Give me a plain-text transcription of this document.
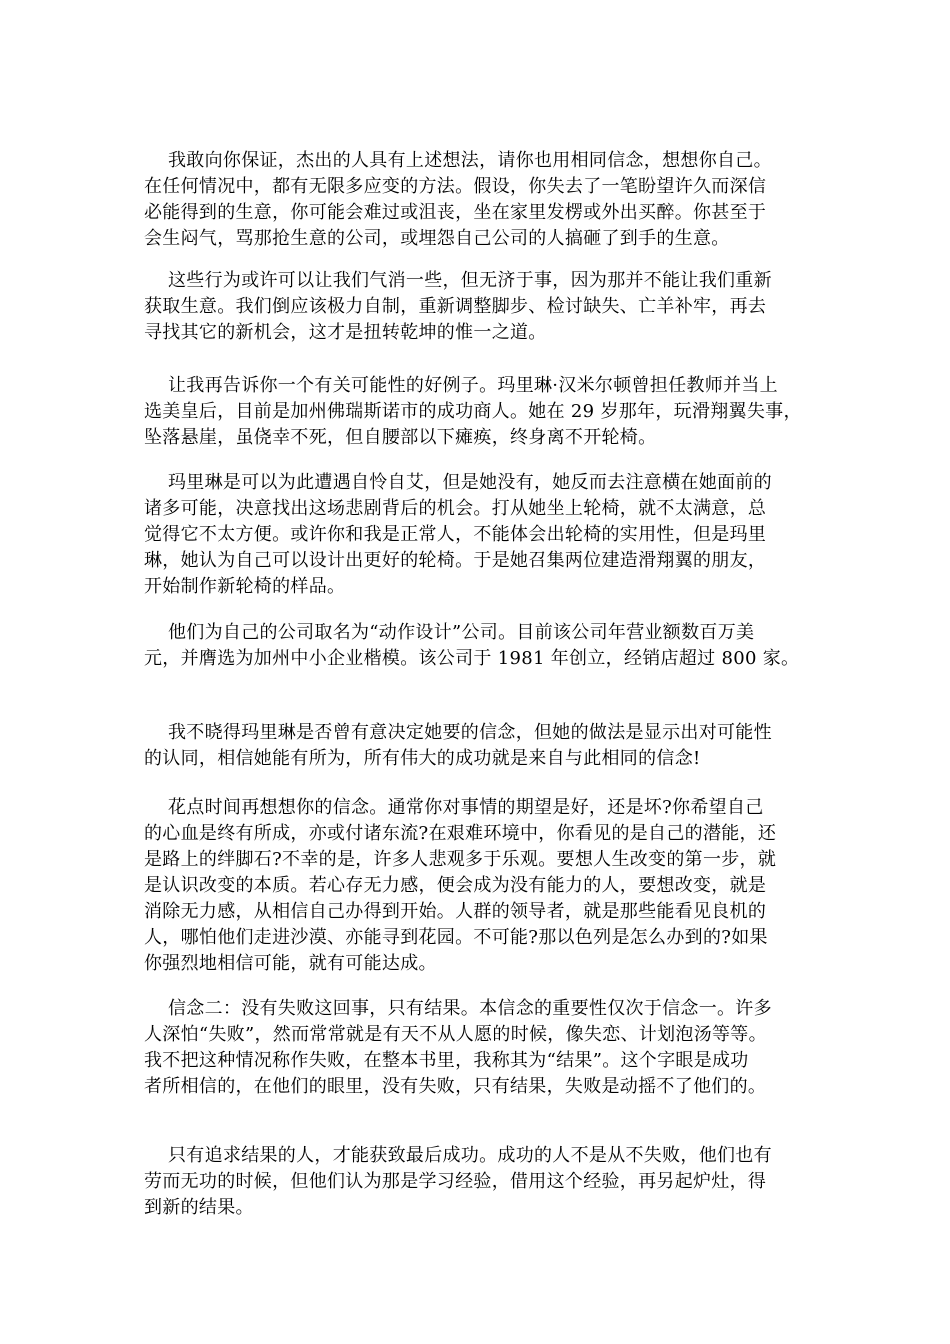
我敢向你保证，杰出的人具有上述想法，请你也用相同信念，想想你自己。
在任何情况中，都有无限多应变的方法。假设，你失去了一笔盼望许久而深信
必能得到的生意，你可能会难过或沮丧，坐在家里发楞或外出买醉。你甚至于
会生闷气，骂那抢生意的公司，或埋怨自己公司的人搞砸了到手的生意。
这些行为或许可以让我们气消一些，但无济于事，因为那并不能让我们重新
获取生意。我们倒应该极力自制，重新调整脚步、检讨缺失、亡羊补牢，再去
寻找其它的新机会，这才是扭转乾坤的惟一之道。
让我再告诉你一个有关可能性的好例子。玛里琳·汉米尔顿曾担任教师并当上
选美皇后，目前是加州佛瑞斯诺市的成功商人。她在 29 岁那年，玩滑翔翼失事，
坠落悬崖，虽侥幸不死，但自腰部以下瘫痪，终身离不开轮椅。
玛里琳是可以为此遭遇自怜自艾，但是她没有，她反而去注意横在她面前的
诸多可能，决意找出这场悲剧背后的机会。打从她坐上轮椅，就不太满意，总
觉得它不太方便。或许你和我是正常人，不能体会出轮椅的实用性，但是玛里
琳，她认为自己可以设计出更好的轮椅。于是她召集两位建造滑翔翼的朋友，
开始制作新轮椅的样品。
他们为自己的公司取名为“动作设计”公司。目前该公司年营业额数百万美
元，并膺选为加州中小企业楷模。该公司于 1981 年创立，经销店超过 800 家。
我不晓得玛里琳是否曾有意决定她要的信念，但她的做法是显示出对可能性
的认同，相信她能有所为，所有伟大的成功就是来自与此相同的信念!
花点时间再想想你的信念。通常你对事情的期望是好，还是坏?你希望自己
的心血是终有所成，亦或付诸东流?在艰难环境中，你看见的是自己的潜能，还
是路上的绊脚石?不幸的是，许多人悲观多于乐观。要想人生改变的第一步，就
是认识改变的本质。若心存无力感，便会成为没有能力的人，要想改变，就是
消除无力感，从相信自己办得到开始。人群的领导者，就是那些能看见良机的
人，哪怕他们走进沙漠、亦能寻到花园。不可能?那以色列是怎么办到的?如果
你强烈地相信可能，就有可能达成。
信念二：没有失败这回事，只有结果。本信念的重要性仅次于信念一。许多
人深怕“失败”，然而常常就是有天不从人愿的时候，像失恋、计划泡汤等等。
我不把这种情况称作失败，在整本书里，我称其为“结果”。这个字眼是成功
者所相信的，在他们的眼里，没有失败，只有结果，失败是动摇不了他们的。
只有追求结果的人，才能获致最后成功。成功的人不是从不失败，他们也有
劳而无功的时候，但他们认为那是学习经验，借用这个经验，再另起炉灶，得
到新的结果。
